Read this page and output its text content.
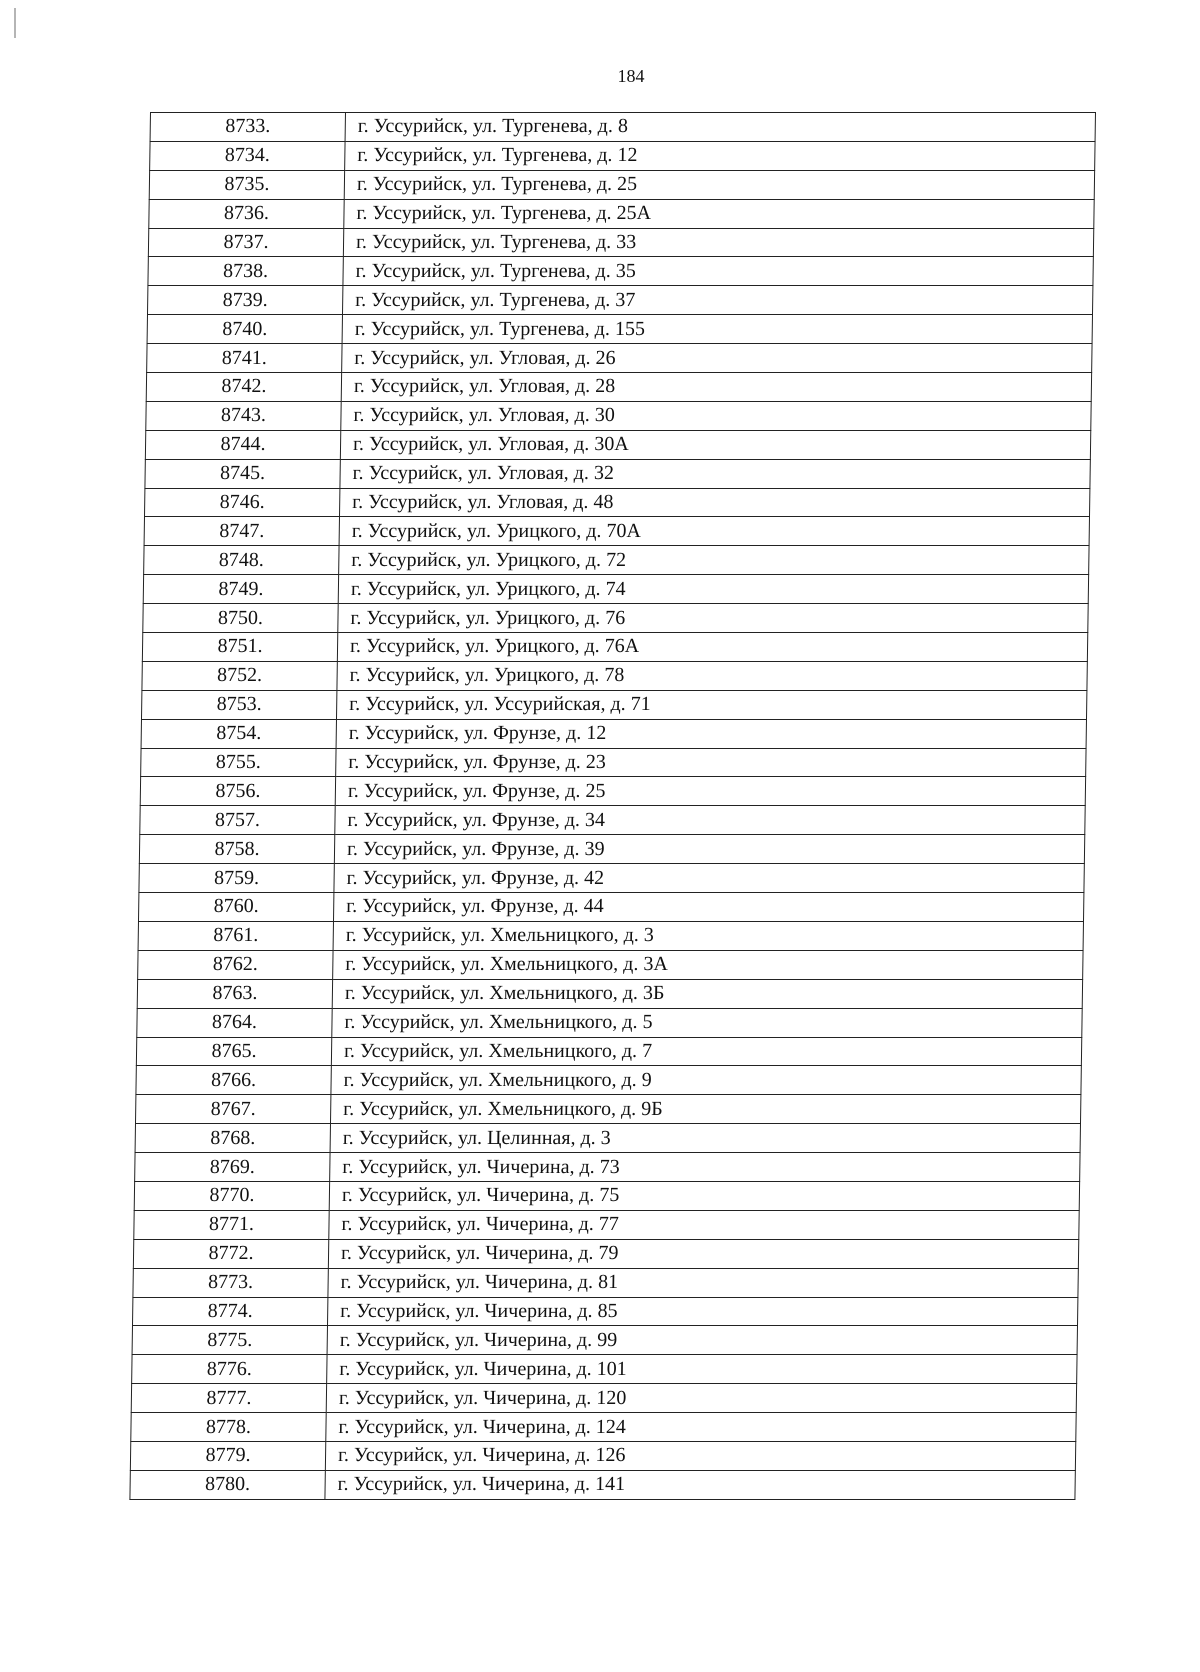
184
8733.	г. Уссурийск, ул. Тургенева, д. 8
8734.	г. Уссурийск, ул. Тургенева, д. 12
8735.	г. Уссурийск, ул. Тургенева, д. 25
8736.	г. Уссурийск, ул. Тургенева, д. 25А
8737.	г. Уссурийск, ул. Тургенева, д. 33
8738.	г. Уссурийск, ул. Тургенева, д. 35
8739.	г. Уссурийск, ул. Тургенева, д. 37
8740.	г. Уссурийск, ул. Тургенева, д. 155
8741.	г. Уссурийск, ул. Угловая, д. 26
8742.	г. Уссурийск, ул. Угловая, д. 28
8743.	г. Уссурийск, ул. Угловая, д. 30
8744.	г. Уссурийск, ул. Угловая, д. 30А
8745.	г. Уссурийск, ул. Угловая, д. 32
8746.	г. Уссурийск, ул. Угловая, д. 48
8747.	г. Уссурийск, ул. Урицкого, д. 70А
8748.	г. Уссурийск, ул. Урицкого, д. 72
8749.	г. Уссурийск, ул. Урицкого, д. 74
8750.	г. Уссурийск, ул. Урицкого, д. 76
8751.	г. Уссурийск, ул. Урицкого, д. 76А
8752.	г. Уссурийск, ул. Урицкого, д. 78
8753.	г. Уссурийск, ул. Уссурийская, д. 71
8754.	г. Уссурийск, ул. Фрунзе, д. 12
8755.	г. Уссурийск, ул. Фрунзе, д. 23
8756.	г. Уссурийск, ул. Фрунзе, д. 25
8757.	г. Уссурийск, ул. Фрунзе, д. 34
8758.	г. Уссурийск, ул. Фрунзе, д. 39
8759.	г. Уссурийск, ул. Фрунзе, д. 42
8760.	г. Уссурийск, ул. Фрунзе, д. 44
8761.	г. Уссурийск, ул. Хмельницкого, д. 3
8762.	г. Уссурийск, ул. Хмельницкого, д. 3А
8763.	г. Уссурийск, ул. Хмельницкого, д. 3Б
8764.	г. Уссурийск, ул. Хмельницкого, д. 5
8765.	г. Уссурийск, ул. Хмельницкого, д. 7
8766.	г. Уссурийск, ул. Хмельницкого, д. 9
8767.	г. Уссурийск, ул. Хмельницкого, д. 9Б
8768.	г. Уссурийск, ул. Целинная, д. 3
8769.	г. Уссурийск, ул. Чичерина, д. 73
8770.	г. Уссурийск, ул. Чичерина, д. 75
8771.	г. Уссурийск, ул. Чичерина, д. 77
8772.	г. Уссурийск, ул. Чичерина, д. 79
8773.	г. Уссурийск, ул. Чичерина, д. 81
8774.	г. Уссурийск, ул. Чичерина, д. 85
8775.	г. Уссурийск, ул. Чичерина, д. 99
8776.	г. Уссурийск, ул. Чичерина, д. 101
8777.	г. Уссурийск, ул. Чичерина, д. 120
8778.	г. Уссурийск, ул. Чичерина, д. 124
8779.	г. Уссурийск, ул. Чичерина, д. 126
8780.	г. Уссурийск, ул. Чичерина, д. 141
